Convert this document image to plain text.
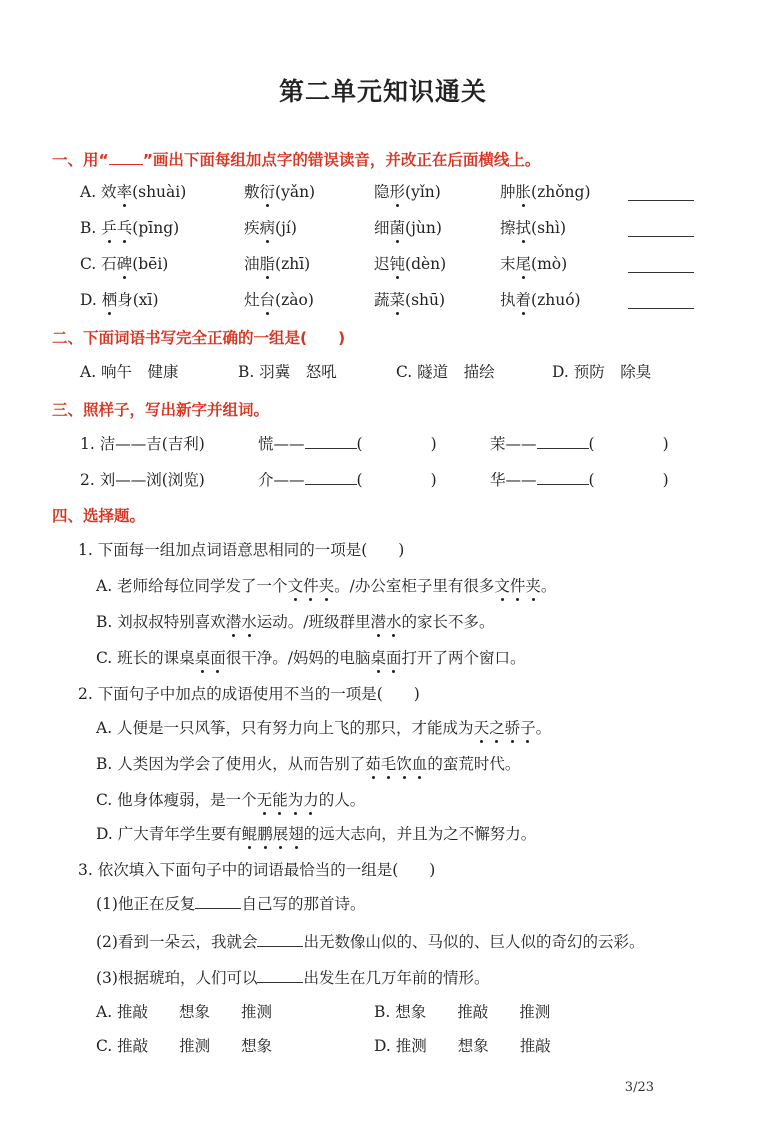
第二单元知识通关
一、用“ ”画出下面每组加点字的错误读音，并改正在后面横线上。
A. 效率(shuài)	敷衍(yǎn)	隐形(yǐn)	肿胀(zhǒng)
B. 乒乓(pīng)	疾病(jí)	细菌(jùn)	擦拭(shì)
C. 石碑(bēi)	油脂(zhī)	迟钝(dèn)	末尾(mò)
D. 栖身(xī)	灶台(zào)	蔬菜(shū)	执着(zhuó)
二、下面词语书写完全正确的一组是(　　)
A. 响午　健康	B. 羽冀　怒吼	C. 隧道　描绘	D. 预防　除臭
三、照样子，写出新字并组词。
1. 洁——吉(吉利)	慌——	(	)	茉——	(	)
2. 刘——浏(浏览)	介——	(	)	华——	(	)
四、选择题。
1. 下面每一组加点词语意思相同的一项是(　　)
A. 老师给每位同学发了一个文件夹。/办公室柜子里有很多文件夹。
B. 刘叔叔特别喜欢潜水运动。/班级群里潜水的家长不多。
C. 班长的课桌桌面很干净。/妈妈的电脑桌面打开了两个窗口。
2. 下面句子中加点的成语使用不当的一项是(　　)
A. 人便是一只风筝，只有努力向上飞的那只，才能成为天之骄子。
B. 人类因为学会了使用火，从而告别了茹毛饮血的蛮荒时代。
C. 他身体瘦弱，是一个无能为力的人。
D. 广大青年学生要有鲲鹏展翅的远大志向，并且为之不懈努力。
3. 依次填入下面句子中的词语最恰当的一组是(　　)
(1)他正在反复	自己写的那首诗。
(2)看到一朵云，我就会	出无数像山似的、马似的、巨人似的奇幻的云彩。
(3)根据琥珀，人们可以	出发生在几万年前的情形。
A. 推敲　　想象　　推测	B. 想象　　推敲　　推测
C. 推敲　　推测　　想象	D. 推测　　想象　　推敲
3/23
